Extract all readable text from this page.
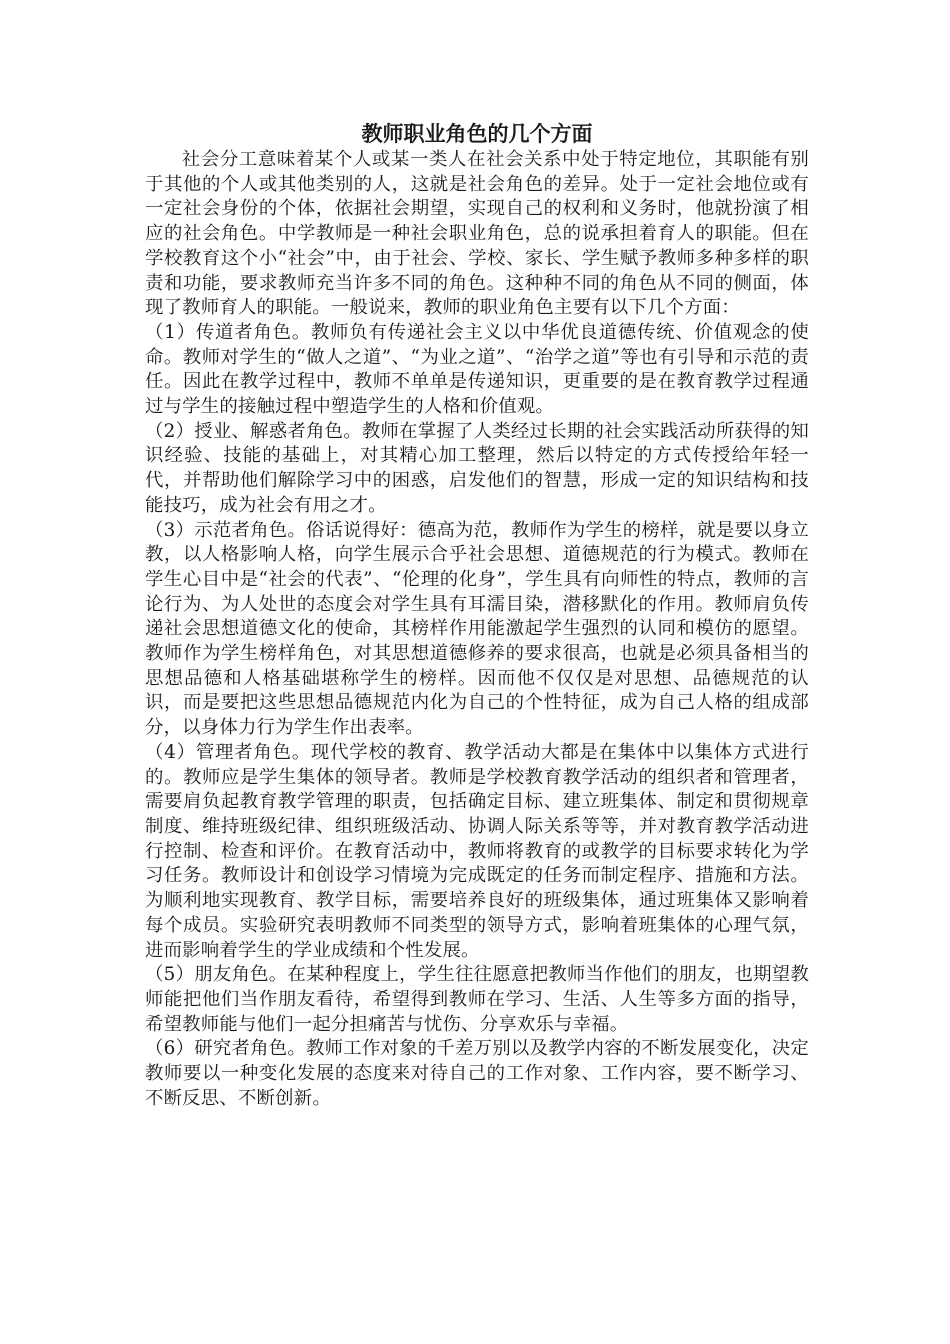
教师职业角色的几个方面

社会分工意味着某个人或某一类人在社会关系中处于特定地位，其职能有别于其他的个人或其他类别的人，这就是社会角色的差异。处于一定社会地位或有一定社会身份的个体，依据社会期望，实现自己的权利和义务时，他就扮演了相应的社会角色。中学教师是一种社会职业角色，总的说承担着育人的职能。但在学校教育这个小“社会”中，由于社会、学校、家长、学生赋予教师多种多样的职责和功能，要求教师充当许多不同的角色。这种种不同的角色从不同的侧面，体现了教师育人的职能。一般说来，教师的职业角色主要有以下几个方面：

（1）传道者角色。教师负有传递社会主义以中华优良道德传统、价值观念的使命。教师对学生的“做人之道”、“为业之道”、“治学之道”等也有引导和示范的责任。因此在教学过程中，教师不单单是传递知识，更重要的是在教育教学过程通过与学生的接触过程中塑造学生的人格和价值观。

（2）授业、解惑者角色。教师在掌握了人类经过长期的社会实践活动所获得的知识经验、技能的基础上，对其精心加工整理，然后以特定的方式传授给年轻一代，并帮助他们解除学习中的困惑，启发他们的智慧，形成一定的知识结构和技能技巧，成为社会有用之才。

（3）示范者角色。俗话说得好：德高为范，教师作为学生的榜样，就是要以身立教，以人格影响人格，向学生展示合乎社会思想、道德规范的行为模式。教师在学生心目中是“社会的代表”、“伦理的化身”，学生具有向师性的特点，教师的言论行为、为人处世的态度会对学生具有耳濡目染，潜移默化的作用。教师肩负传递社会思想道德文化的使命，其榜样作用能激起学生强烈的认同和模仿的愿望。教师作为学生榜样角色，对其思想道德修养的要求很高，也就是必须具备相当的思想品德和人格基础堪称学生的榜样。因而他不仅仅是对思想、品德规范的认识，而是要把这些思想品德规范内化为自己的个性特征，成为自己人格的组成部分，以身体力行为学生作出表率。

（4）管理者角色。现代学校的教育、教学活动大都是在集体中以集体方式进行的。教师应是学生集体的领导者。教师是学校教育教学活动的组织者和管理者，需要肩负起教育教学管理的职责，包括确定目标、建立班集体、制定和贯彻规章制度、维持班级纪律、组织班级活动、协调人际关系等等，并对教育教学活动进行控制、检查和评价。在教育活动中，教师将教育的或教学的目标要求转化为学习任务。教师设计和创设学习情境为完成既定的任务而制定程序、措施和方法。为顺利地实现教育、教学目标，需要培养良好的班级集体，通过班集体又影响着每个成员。实验研究表明教师不同类型的领导方式，影响着班集体的心理气氛，进而影响着学生的学业成绩和个性发展。

（5）朋友角色。在某种程度上，学生往往愿意把教师当作他们的朋友，也期望教师能把他们当作朋友看待，希望得到教师在学习、生活、人生等多方面的指导，希望教师能与他们一起分担痛苦与忧伤、分享欢乐与幸福。

（6）研究者角色。教师工作对象的千差万别以及教学内容的不断发展变化，决定教师要以一种变化发展的态度来对待自己的工作对象、工作内容，要不断学习、不断反思、不断创新。
